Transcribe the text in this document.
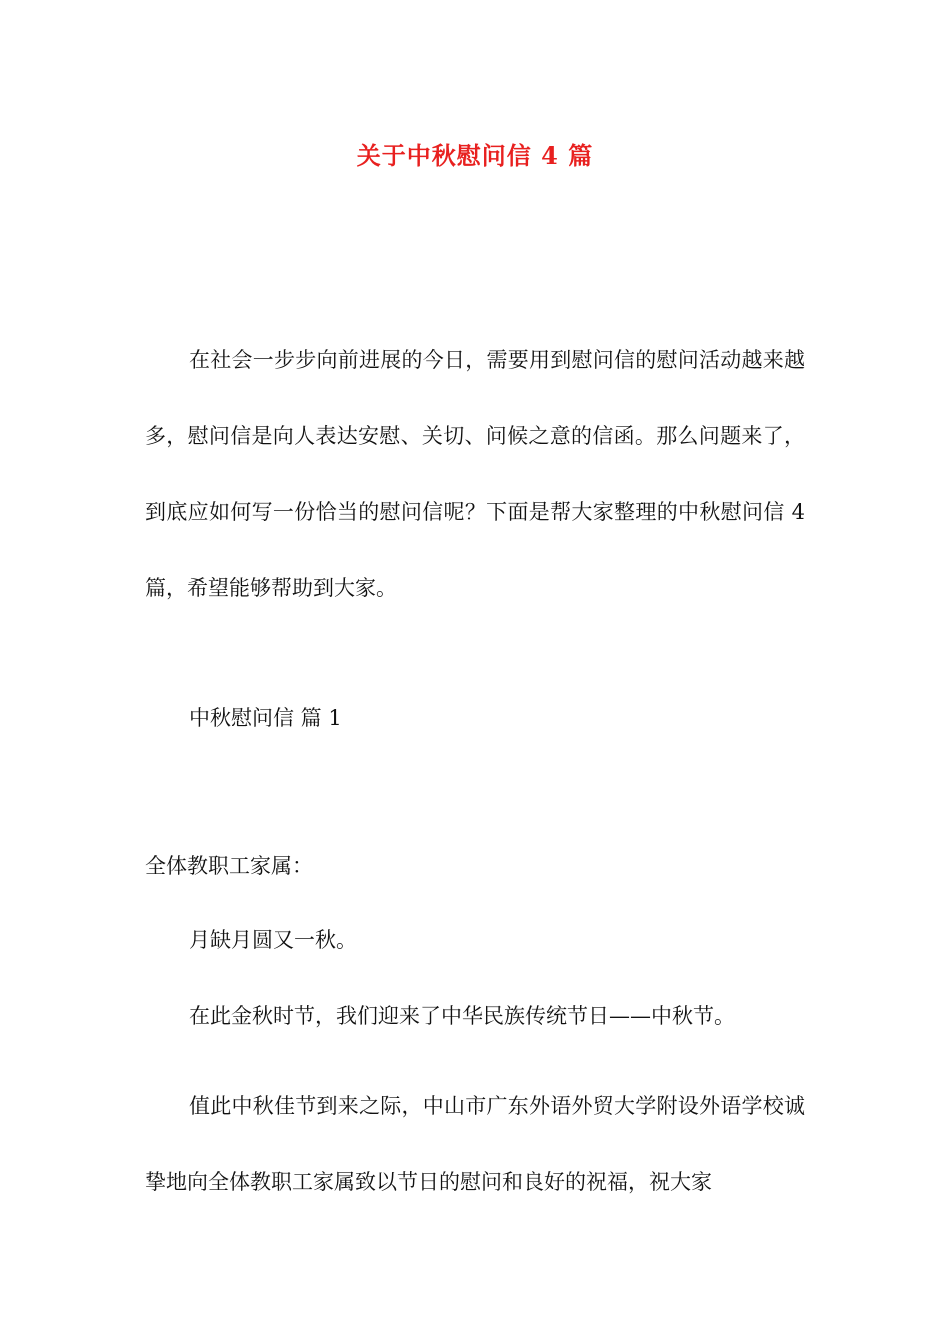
关于中秋慰问信 4 篇

在社会一步步向前进展的今日，需要用到慰问信的慰问活动越来越多，慰问信是向人表达安慰、关切、问候之意的信函。那么问题来了，到底应如何写一份恰当的慰问信呢？下面是帮大家整理的中秋慰问信 4 篇，希望能够帮助到大家。

中秋慰问信 篇 1

全体教职工家属：

月缺月圆又一秋。

在此金秋时节，我们迎来了中华民族传统节日——中秋节。

值此中秋佳节到来之际，中山市广东外语外贸大学附设外语学校诚挚地向全体教职工家属致以节日的慰问和良好的祝福，祝大家
